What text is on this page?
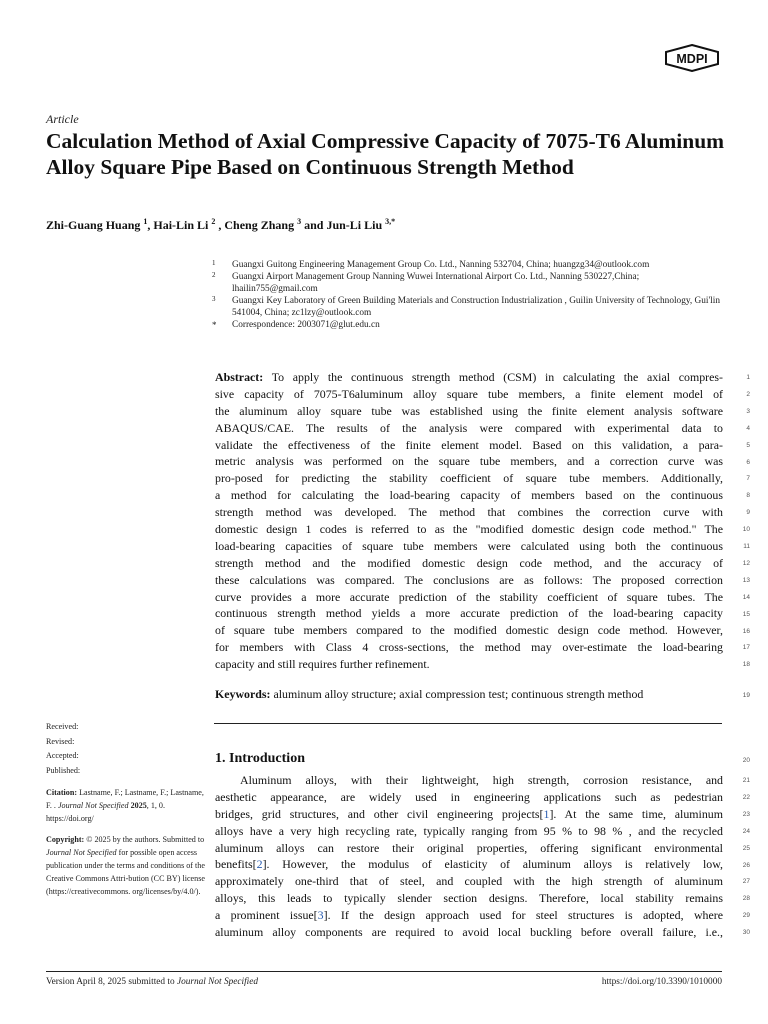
MDPI
Article
Calculation Method of Axial Compressive Capacity of 7075-T6 Aluminum Alloy Square Pipe Based on Continuous Strength Method
Zhi-Guang Huang $^1$, Hai-Lin Li $^2$ , Cheng Zhang $^3$ and Jun-Li Liu $^{3,*}$
1 Guangxi Guitong Engineering Management Group Co. Ltd., Nanning 532704, China; huangzg34@outlook.com
2 Guangxi Airport Management Group Nanning Wuwei International Airport Co. Ltd., Nanning 530227,China; lhailin755@gmail.com
3 Guangxi Key Laboratory of Green Building Materials and Construction Industrialization , Guilin University of Technology, Gui'lin 541004, China; zc1lzy@outlook.com
* Correspondence: 2003071@glut.edu.cn
Abstract: To apply the continuous strength method (CSM) in calculating the axial compres-
sive capacity of 7075-T6aluminum alloy square tube members, a finite element model of
the aluminum alloy square tube was established using the finite element analysis software
ABAQUS/CAE. The results of the analysis were compared with experimental data to
validate the effectiveness of the finite element model. Based on this validation, a para-
metric analysis was performed on the square tube members, and a correction curve was
pro-posed for predicting the stability coefficient of square tube members. Additionally,
a method for calculating the load-bearing capacity of members based on the continuous
strength method was developed. The method that combines the correction curve with
domestic design 1 codes is referred to as the "modified domestic design code method." The
load-bearing capacities of square tube members were calculated using both the continuous
strength method and the modified domestic design code method, and the accuracy of
these calculations was compared. The conclusions are as follows: The proposed correction
curve provides a more accurate prediction of the stability coefficient of square tubes. The
continuous strength method yields a more accurate prediction of the load-bearing capacity
of square tube members compared to the modified domestic design code method. However,
for members with Class 4 cross-sections, the method may over-estimate the load-bearing
capacity and still requires further refinement.
Keywords: aluminum alloy structure; axial compression test; continuous strength method
1
2
3
4
5
6
7
8
9
10
11
12
13
14
15
16
17
18
19
20
21
22
23
24
25
26
27
28
29
30
Received:
Revised:
Accepted:
Published:
Citation: Lastname, F.; Lastname, F.; Lastname, F. . Journal Not Specified 2025, 1, 0. https://doi.org/
Copyright: © 2025 by the authors. Submitted to Journal Not Specified for possible open access publication under the terms and conditions of the Creative Commons Attri-bution (CC BY) license (https://creativecommons. org/licenses/by/4.0/).
1. Introduction
Aluminum alloys, with their lightweight, high strength, corrosion resistance, and
aesthetic appearance, are widely used in engineering applications such as pedestrian
bridges, grid structures, and other civil engineering projects[1]. At the same time, aluminum
alloys have a very high recycling rate, typically ranging from 95 % to 98 % , and the recycled
aluminum alloys can restore their original properties, offering significant environmental
benefits[2]. However, the modulus of elasticity of aluminum alloys is relatively low,
approximately one-third that of steel, and coupled with the high strength of aluminum
alloys, this leads to typically slender section designs. Therefore, local stability remains
a prominent issue[3]. If the design approach used for steel structures is adopted, where
aluminum alloy components are required to avoid local buckling before overall failure, i.e.,
Version April 8, 2025 submitted to Journal Not Specified	https://doi.org/10.3390/1010000
